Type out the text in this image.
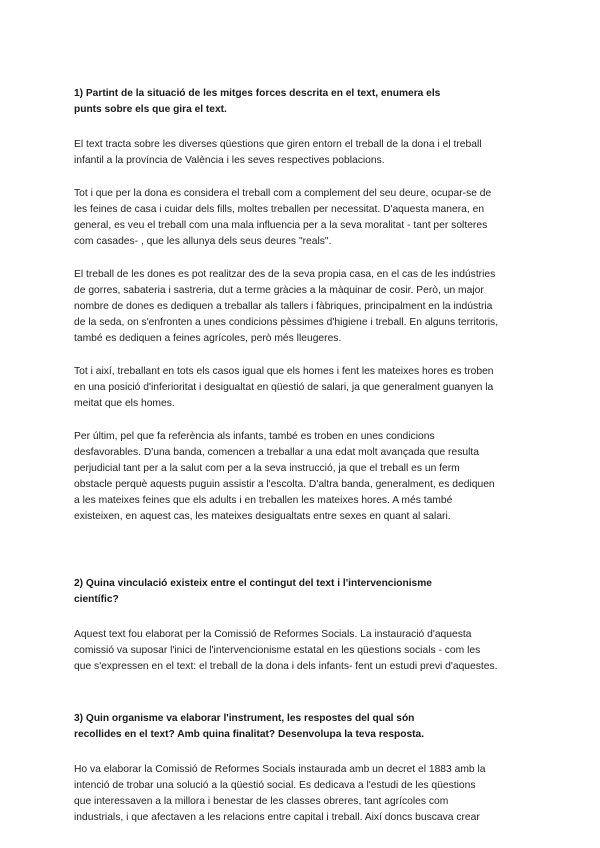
1) Partint de la situació de les mitges forces descrita en el text, enumera els
punts sobre els que gira el text.
El text tracta sobre les diverses qüestions que giren entorn el treball de la dona i el treball
infantil a la província de València i les seves respectives poblacions.
Tot i que per la dona es considera el treball com a complement del seu deure, ocupar-se de
les feines de casa i cuidar dels fills, moltes treballen per necessitat. D'aquesta manera, en
general, es veu el treball com una mala influencia per a la seva moralitat - tant per solteres
com casades- , que les allunya dels seus deures "reals".
El treball de les dones es pot realitzar des de la seva propia casa, en el cas de les indústries
de gorres, sabateria i sastreria, dut a terme gràcies a la màquinar de cosir. Però, un major
nombre de dones es dediquen a treballar als tallers i fàbriques, principalment en la indústria
de la seda, on s'enfronten a unes condicions pèssimes d'higiene i treball. En alguns territoris,
també es dediquen a feines agrícoles, però més lleugeres.
Tot i així, treballant en tots els casos igual que els homes i fent les mateixes hores es troben
en una posició d'inferioritat i desigualtat en qüestió de salari, ja que generalment guanyen la
meitat que els homes.
Per últim, pel que fa referència als infants, també es troben en unes condicions
desfavorables. D'una banda, comencen a treballar a una edat molt avançada que resulta
perjudicial tant per a la salut com per a la seva instrucció, ja que el treball es un ferm
obstacle perquè aquests puguin assistir a l'escolta. D'altra banda, generalment, es dediquen
a les mateixes feines que els adults i en treballen les mateixes hores. A més també
existeixen, en aquest cas, les mateixes desigualtats entre sexes en quant al salari.
2) Quina vinculació existeix entre el contingut del text i l'intervencionisme
científic?
Aquest text fou elaborat per la Comissió de Reformes Socials. La instauració d'aquesta
comissió va suposar l'inici de l'intervencionisme estatal en les qüestions socials - com les
que s'expressen en el text: el treball de la dona i dels infants- fent un estudi previ d'aquestes.
3) Quin organisme va elaborar l'instrument, les respostes del qual són
recollides en el text? Amb quina finalitat? Desenvolupa la teva resposta.
Ho va elaborar la Comissió de Reformes Socials instaurada amb un decret el 1883 amb la
intenció de trobar una solució a la qüestió social. Es dedicava a l'estudi de les qüestions
que interessaven a la millora i benestar de les classes obreres, tant agrícoles com
industrials, i que afectaven a les relacions entre capital i treball. Així doncs buscava crear
